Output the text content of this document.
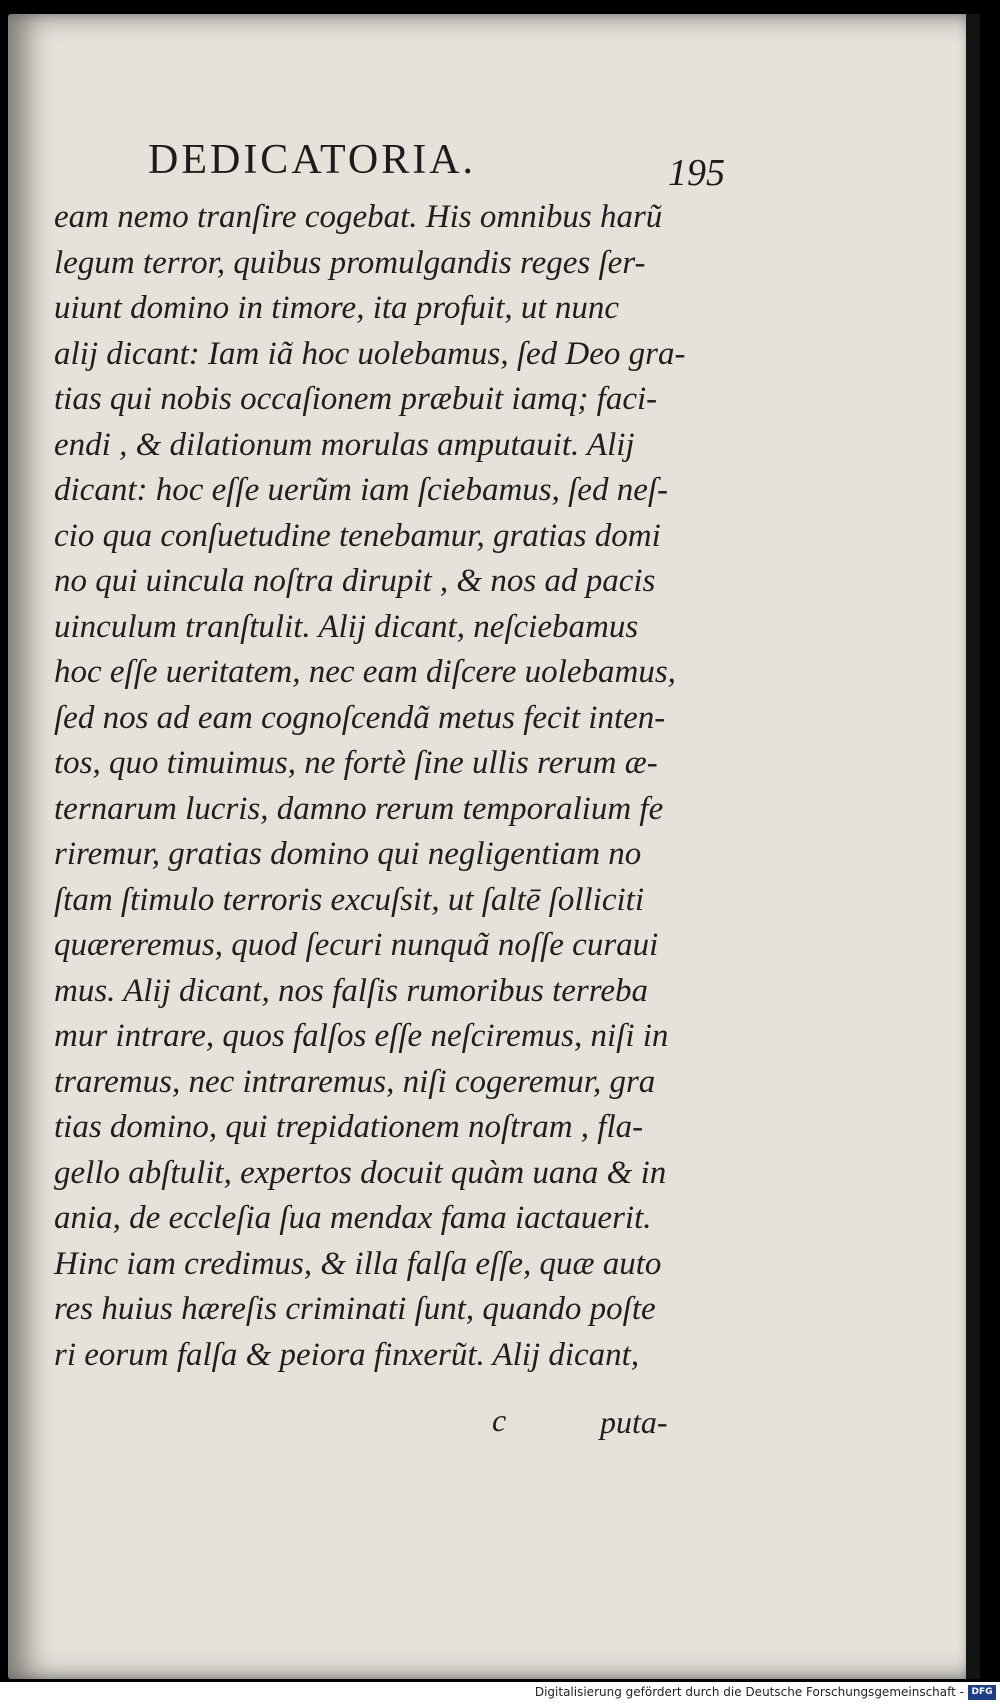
DEDICATORIA.	195
eam nemo tranſire cogebat. His omnibus harũ
legum terror, quibus promulgandis reges ſer-
uiunt domino in timore, ita profuit, ut nunc
alij dicant: Iam iã hoc uolebamus, ſed Deo gra-
tias qui nobis occaſionem præbuit iamq; faci-
endi , & dilationum morulas amputauit. Alij
dicant: hoc eſſe uerũm iam ſciebamus, ſed neſ-
cio qua conſuetudine tenebamur, gratias domi
no qui uincula noſtra dirupit , & nos ad pacis
uinculum tranſtulit. Alij dicant, neſciebamus
hoc eſſe ueritatem, nec eam diſcere uolebamus,
ſed nos ad eam cognoſcendã metus fecit inten-
tos, quo timuimus, ne fortè ſine ullis rerum æ-
ternarum lucris, damno rerum temporalium fe
riremur, gratias domino qui negligentiam no
ſtam ſtimulo terroris excuſsit, ut ſaltē ſolliciti
quæreremus, quod ſecuri nunquã noſſe curaui
mus. Alij dicant, nos falſis rumoribus terreba
mur intrare, quos falſos eſſe neſciremus, niſi in
traremus, nec intraremus, niſi cogeremur, gra
tias domino, qui trepidationem noſtram , fla-
gello abſtulit, expertos docuit quàm uana & in
ania, de eccleſia ſua mendax fama iactauerit.
Hinc iam credimus, & illa falſa eſſe, quæ auto
res huius hæreſis criminati ſunt, quando poſte
ri eorum falſa & peiora finxerũt. Alij dicant,
c	puta-
Digitalisierung gefördert durch die Deutsche Forschungsgemeinschaft - DFG
